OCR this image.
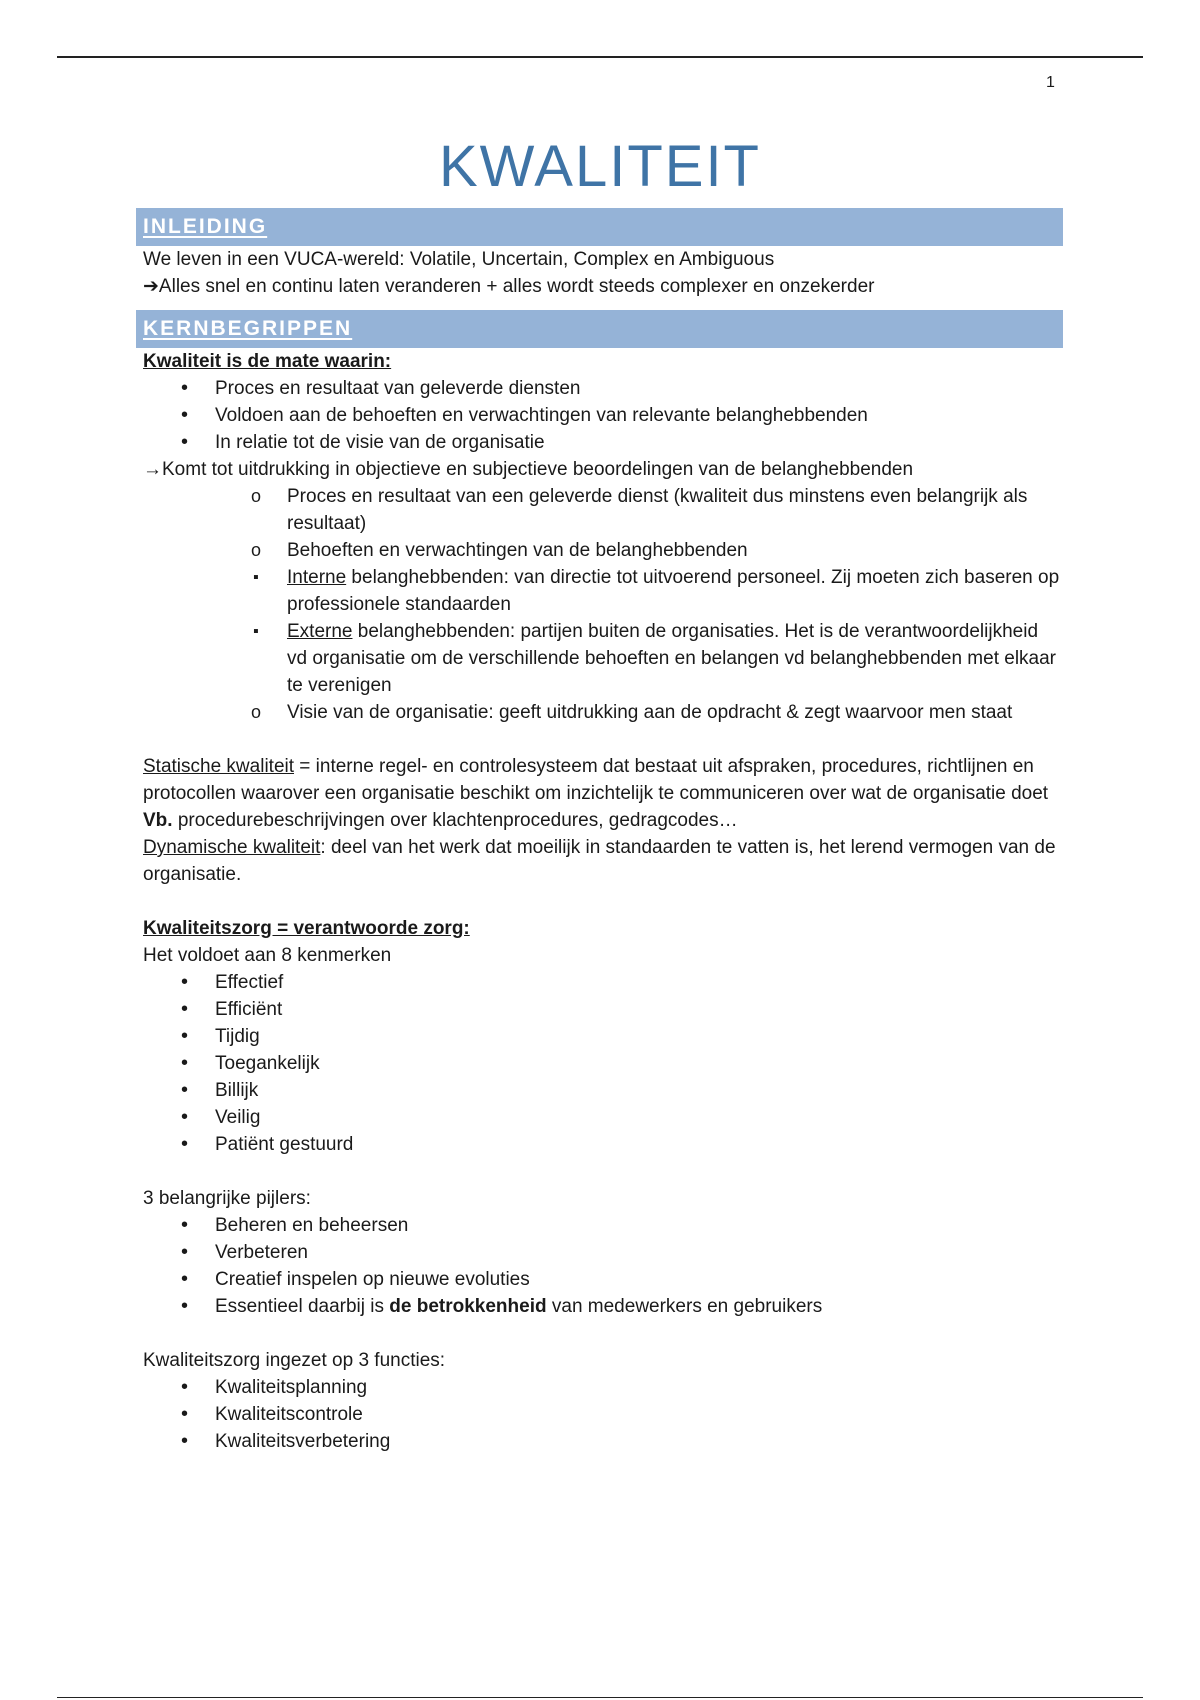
1
KWALITEIT
INLEIDING

We leven in een VUCA-wereld: Volatile, Uncertain, Complex en Ambiguous

➔Alles snel en continu laten veranderen + alles wordt steeds complexer en onzekerder

KERNBEGRIPPEN

Kwaliteit is de mate waarin:

• Proces en resultaat van geleverde diensten
• Voldoen aan de behoeften en verwachtingen van relevante belanghebbenden
• In relatie tot de visie van de organisatie

→Komt tot uitdrukking in objectieve en subjectieve beoordelingen van de belanghebbenden

o Proces en resultaat van een geleverde dienst (kwaliteit dus minstens even belangrijk als resultaat)
o Behoeften en verwachtingen van de belanghebbenden
▪ Interne belanghebbenden: van directie tot uitvoerend personeel. Zij moeten zich baseren op professionele standaarden
▪ Externe belanghebbenden: partijen buiten de organisaties. Het is de verantwoordelijkheid vd organisatie om de verschillende behoeften en belangen vd belanghebbenden met elkaar te verenigen
o Visie van de organisatie: geeft uitdrukking aan de opdracht & zegt waarvoor men staat

Statische kwaliteit = interne regel- en controlesysteem dat bestaat uit afspraken, procedures, richtlijnen en protocollen waarover een organisatie beschikt om inzichtelijk te communiceren over wat de organisatie doet

Vb. procedurebeschrijvingen over klachtenprocedures, gedragcodes…

Dynamische kwaliteit: deel van het werk dat moeilijk in standaarden te vatten is, het lerend vermogen van de organisatie.

Kwaliteitszorg = verantwoorde zorg:

Het voldoet aan 8 kenmerken

• Effectief
• Efficiënt
• Tijdig
• Toegankelijk
• Billijk
• Veilig
• Patiënt gestuurd

3 belangrijke pijlers:

• Beheren en beheersen
• Verbeteren
• Creatief inspelen op nieuwe evoluties
• Essentieel daarbij is de betrokkenheid van medewerkers en gebruikers

Kwaliteitszorg ingezet op 3 functies:

• Kwaliteitsplanning
• Kwaliteitscontrole
• Kwaliteitsverbetering
